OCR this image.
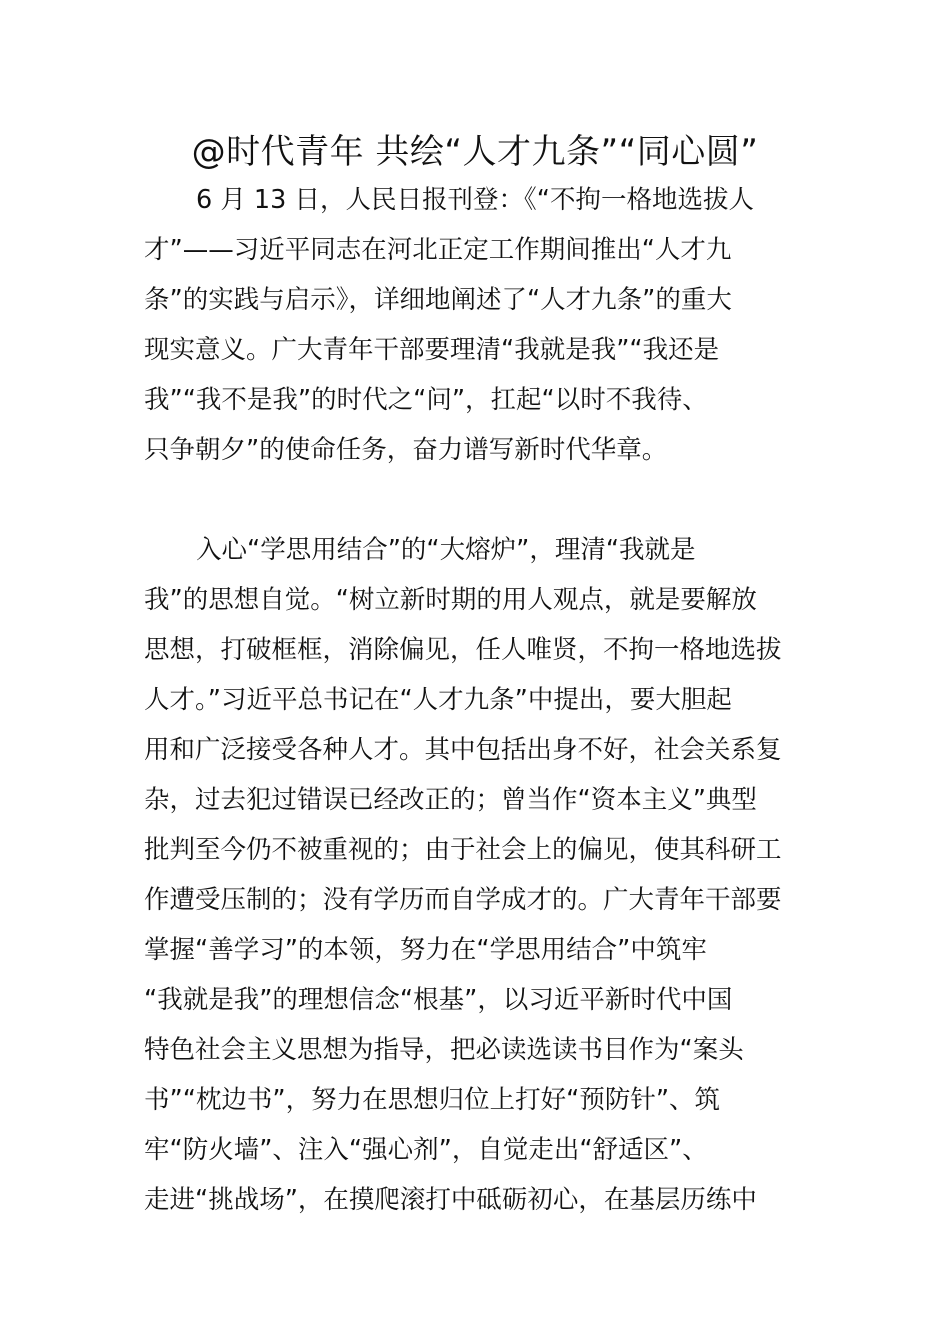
@时代青年 共绘“人才九条”“同心圆”
6 月 13 日，人民日报刊登：《“不拘一格地选拔人
才”——习近平同志在河北正定工作期间推出“人才九
条”的实践与启示》，详细地阐述了“人才九条”的重大
现实意义。广大青年干部要理清“我就是我”“我还是
我”“我不是我”的时代之“问”，扛起“以时不我待、
只争朝夕”的使命任务，奋力谱写新时代华章。
入心“学思用结合”的“大熔炉”，理清“我就是
我”的思想自觉。“树立新时期的用人观点，就是要解放
思想，打破框框，消除偏见，任人唯贤，不拘一格地选拔
人才。”习近平总书记在“人才九条”中提出，要大胆起
用和广泛接受各种人才。其中包括出身不好，社会关系复
杂，过去犯过错误已经改正的；曾当作“资本主义”典型
批判至今仍不被重视的；由于社会上的偏见，使其科研工
作遭受压制的；没有学历而自学成才的。广大青年干部要
掌握“善学习”的本领，努力在“学思用结合”中筑牢
“我就是我”的理想信念“根基”，以习近平新时代中国
特色社会主义思想为指导，把必读选读书目作为“案头
书”“枕边书”，努力在思想归位上打好“预防针”、筑
牢“防火墙”、注入“强心剂”，自觉走出“舒适区”、
走进“挑战场”，在摸爬滚打中砥砺初心，在基层历练中
